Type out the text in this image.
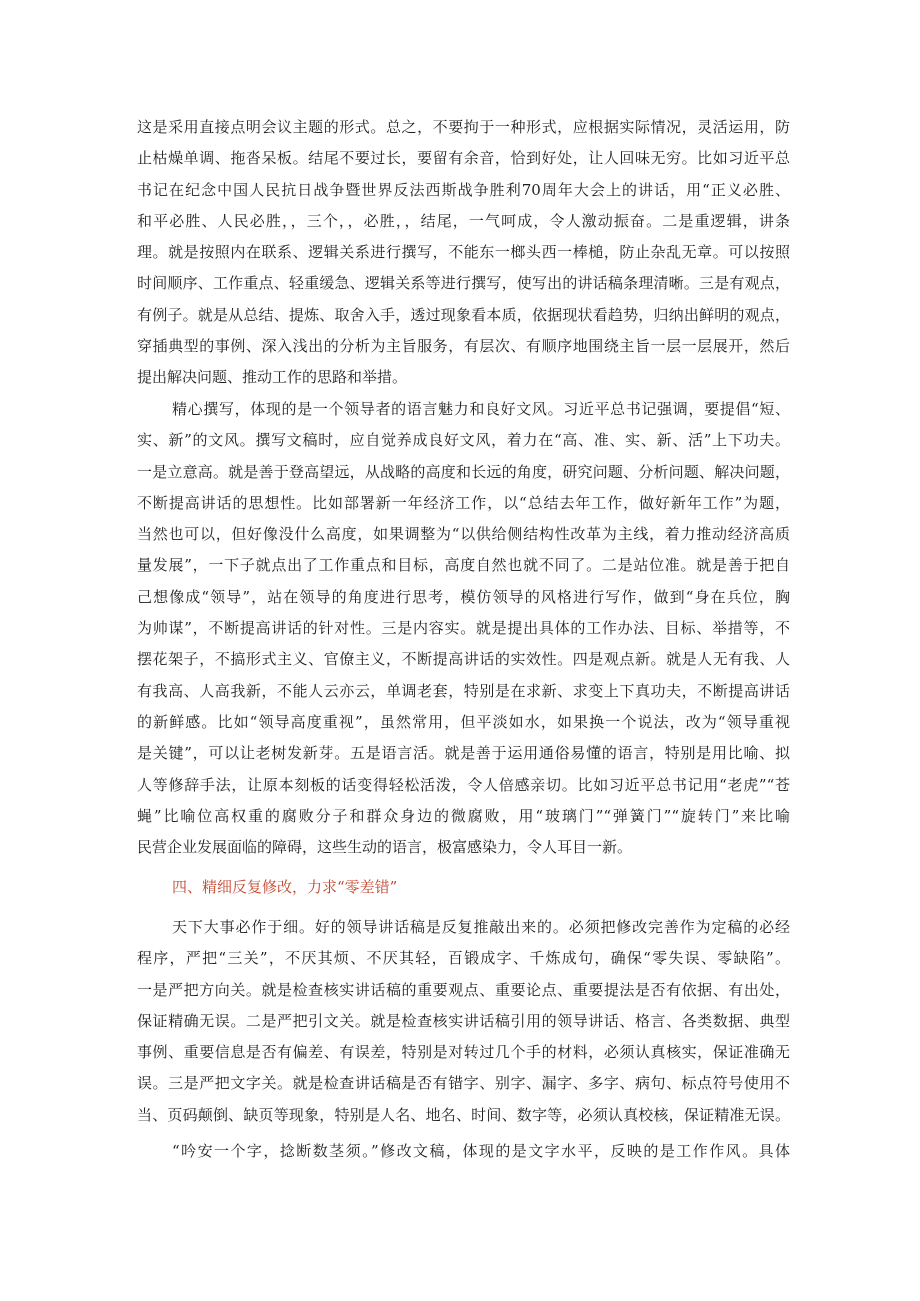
这是采用直接点明会议主题的形式。总之，不要拘于一种形式，应根据实际情况，灵活运用，防
止枯燥单调、拖沓呆板。结尾不要过长，要留有余音，恰到好处，让人回味无穷。比如习近平总
书记在纪念中国人民抗日战争暨世界反法西斯战争胜利70周年大会上的讲话，用“正义必胜、
和平必胜、人民必胜，，三个，，必胜，，结尾，一气呵成，令人激动振奋。二是重逻辑，讲条
理。就是按照内在联系、逻辑关系进行撰写，不能东一榔头西一棒槌，防止杂乱无章。可以按照
时间顺序、工作重点、轻重缓急、逻辑关系等进行撰写，使写出的讲话稿条理清晰。三是有观点，
有例子。就是从总结、提炼、取舍入手，透过现象看本质，依据现状看趋势，归纳出鲜明的观点，
穿插典型的事例、深入浅出的分析为主旨服务，有层次、有顺序地围绕主旨一层一层展开，然后
提出解决问题、推动工作的思路和举措。
精心撰写，体现的是一个领导者的语言魅力和良好文风。习近平总书记强调，要提倡“短、
实、新”的文风。撰写文稿时，应自觉养成良好文风，着力在“高、准、实、新、活”上下功夫。
一是立意高。就是善于登高望远，从战略的高度和长远的角度，研究问题、分析问题、解决问题，
不断提高讲话的思想性。比如部署新一年经济工作，以“总结去年工作，做好新年工作”为题，
当然也可以，但好像没什么高度，如果调整为“以供给侧结构性改革为主线，着力推动经济高质
量发展”，一下子就点出了工作重点和目标，高度自然也就不同了。二是站位准。就是善于把自
己想像成“领导”，站在领导的角度进行思考，模仿领导的风格进行写作，做到“身在兵位，胸
为帅谋”，不断提高讲话的针对性。三是内容实。就是提出具体的工作办法、目标、举措等，不
摆花架子，不搞形式主义、官僚主义，不断提高讲话的实效性。四是观点新。就是人无有我、人
有我高、人高我新，不能人云亦云，单调老套，特别是在求新、求变上下真功夫，不断提高讲话
的新鲜感。比如“领导高度重视”，虽然常用，但平淡如水，如果换一个说法，改为“领导重视
是关键”，可以让老树发新芽。五是语言活。就是善于运用通俗易懂的语言，特别是用比喻、拟
人等修辞手法，让原本刻板的话变得轻松活泼，令人倍感亲切。比如习近平总书记用“老虎”“苍
蝇”比喻位高权重的腐败分子和群众身边的微腐败，用“玻璃门”“弹簧门”“旋转门”来比喻
民营企业发展面临的障碍，这些生动的语言，极富感染力，令人耳目一新。
四、精细反复修改，力求“零差错”
天下大事必作于细。好的领导讲话稿是反复推敲出来的。必须把修改完善作为定稿的必经
程序，严把“三关”，不厌其烦、不厌其轻，百锻成字、千炼成句，确保“零失误、零缺陷”。
一是严把方向关。就是检查核实讲话稿的重要观点、重要论点、重要提法是否有依据、有出处，
保证精确无误。二是严把引文关。就是检查核实讲话稿引用的领导讲话、格言、各类数据、典型
事例、重要信息是否有偏差、有误差，特别是对转过几个手的材料，必须认真核实，保证准确无
误。三是严把文字关。就是检查讲话稿是否有错字、别字、漏字、多字、病句、标点符号使用不
当、页码颠倒、缺页等现象，特别是人名、地名、时间、数字等，必须认真校核，保证精准无误。
“吟安一个字，捻断数茎须。”修改文稿，体现的是文字水平，反映的是工作作风。具体
